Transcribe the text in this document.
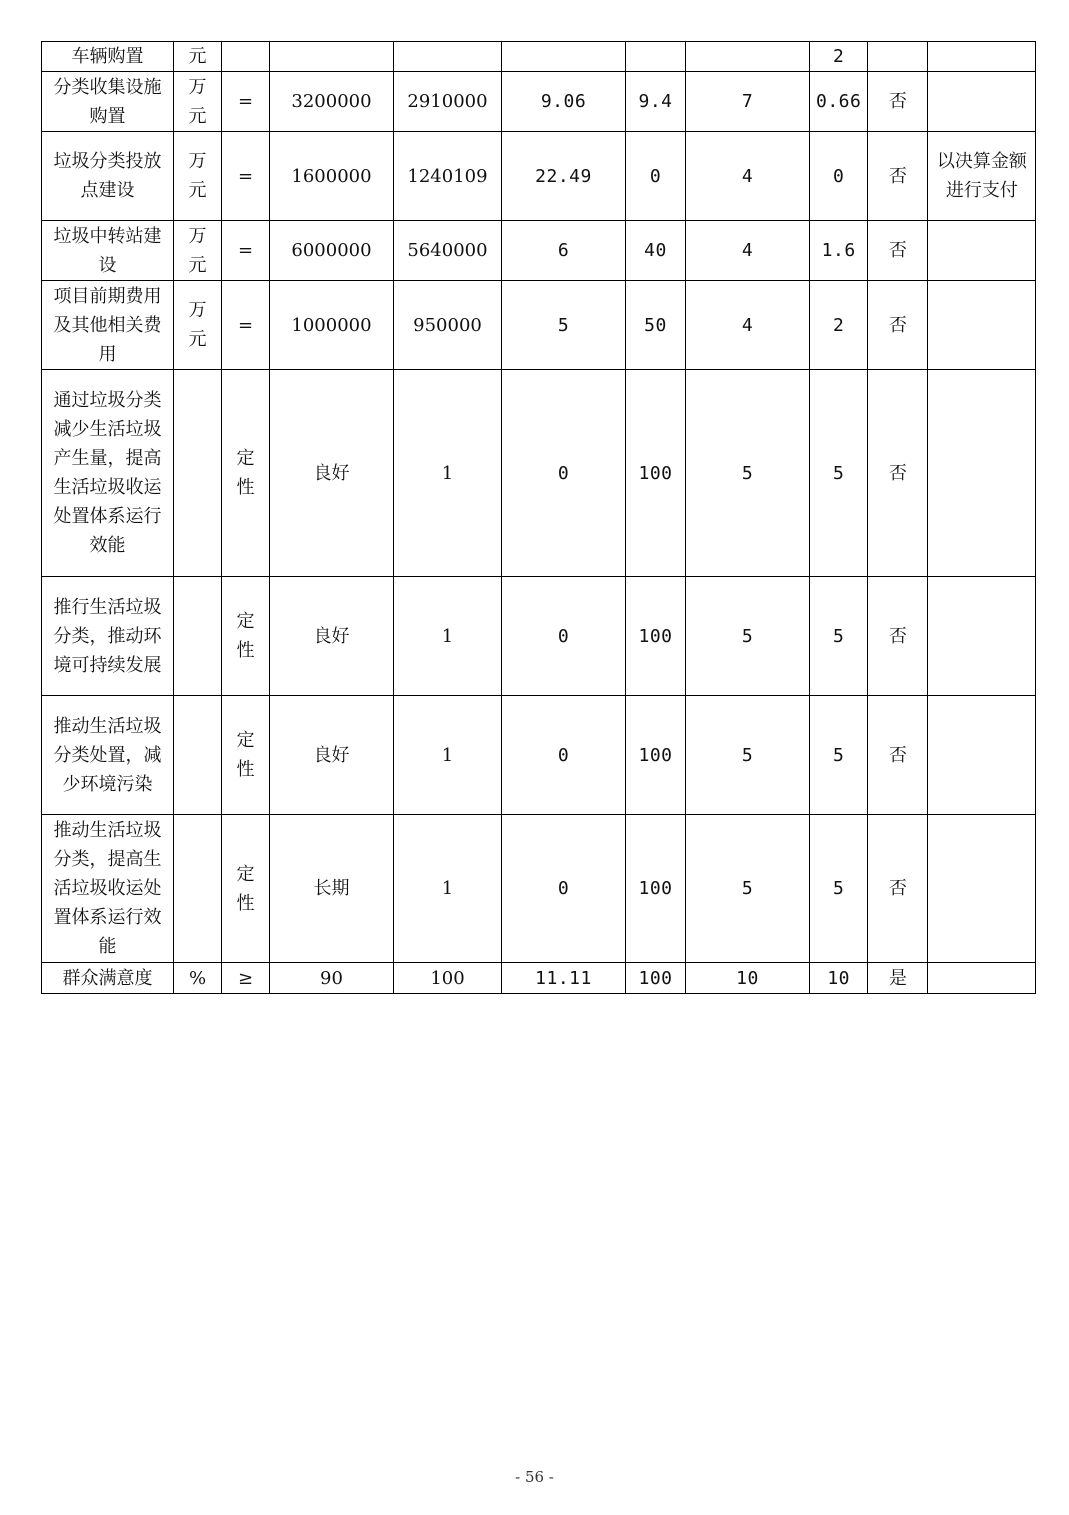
车辆购置	元							2		
分类收集设施购置	万元	=	3200000	2910000	9.06	9.4	7	0.66	否	
垃圾分类投放点建设	万元	=	1600000	1240109	22.49	0	4	0	否	以决算金额进行支付
垃圾中转站建设	万元	=	6000000	5640000	6	40	4	1.6	否	
项目前期费用及其他相关费用	万元	=	1000000	950000	5	50	4	2	否	
通过垃圾分类减少生活垃圾产生量，提高生活垃圾收运处置体系运行效能		定性	良好	1	0	100	5	5	否	
推行生活垃圾分类，推动环境可持续发展		定性	良好	1	0	100	5	5	否	
推动生活垃圾分类处置，减少环境污染		定性	良好	1	0	100	5	5	否	
推动生活垃圾分类，提高生活垃圾收运处置体系运行效能		定性	长期	1	0	100	5	5	否	
群众满意度	%	≥	90	100	11.11	100	10	10	是	
- 56 -
